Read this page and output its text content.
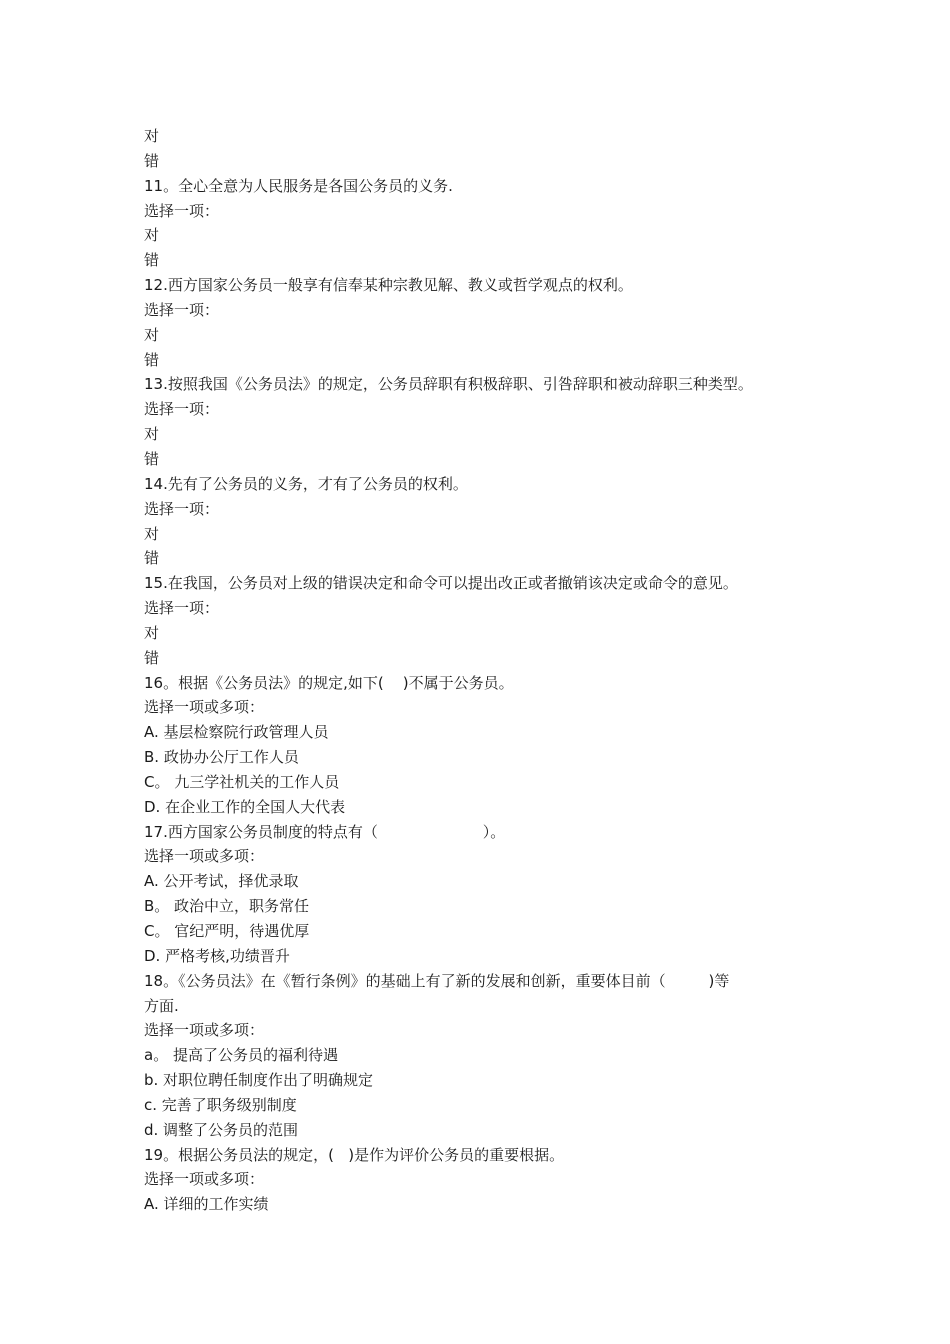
对
错
11。全心全意为人民服务是各国公务员的义务.
选择一项：
对
错
12.西方国家公务员一般享有信奉某种宗教见解、教义或哲学观点的权利。
选择一项：
对
错
13.按照我国《公务员法》的规定，公务员辞职有积极辞职、引咎辞职和被动辞职三种类型。
选择一项：
对
错
14.先有了公务员的义务，才有了公务员的权利。
选择一项：
对
错
15.在我国，公务员对上级的错误决定和命令可以提出改正或者撤销该决定或命令的意见。
选择一项：
对
错
16。根据《公务员法》的规定,如下(    )不属于公务员。
选择一项或多项：
A. 基层检察院行政管理人员
B. 政协办公厅工作人员
C。 九三学社机关的工作人员
D. 在企业工作的全国人大代表
17.西方国家公务员制度的特点有（                      ）。
选择一项或多项：
A. 公开考试，择优录取
B。 政治中立，职务常任
C。 官纪严明，待遇优厚
D. 严格考核,功绩晋升
18。《公务员法》在《暂行条例》的基础上有了新的发展和创新，重要体目前（         )等
方面.
选择一项或多项：
a。 提高了公务员的福利待遇
b. 对职位聘任制度作出了明确规定
c. 完善了职务级别制度
d. 调整了公务员的范围
19。根据公务员法的规定，(   )是作为评价公务员的重要根据。
选择一项或多项：
A. 详细的工作实绩
